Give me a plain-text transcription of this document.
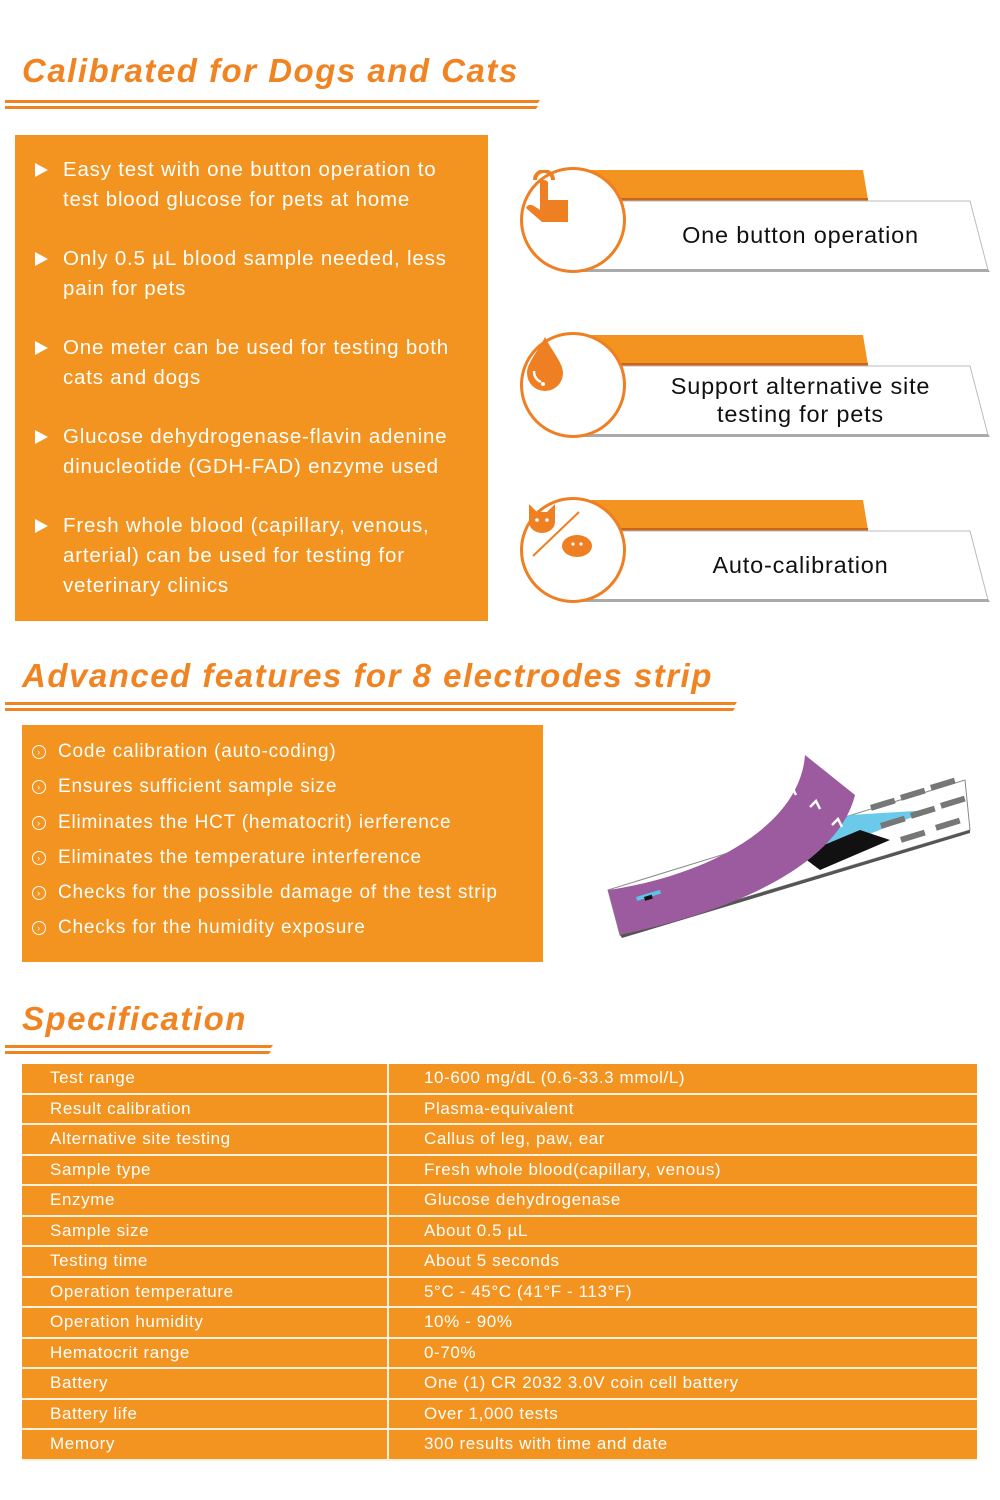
Calibrated for Dogs and Cats
Easy test with one button operation to
test blood glucose for pets at home
Only 0.5 µL blood sample needed, less
pain for pets
One meter can be used for testing both
cats and dogs
Glucose dehydrogenase-flavin adenine
dinucleotide (GDH-FAD) enzyme used
Fresh whole blood (capillary, venous,
arterial) can be used for testing for
veterinary clinics
One button operation
Support alternative site
testing for pets
Auto-calibration
Advanced features for 8 electrodes strip
› Code calibration (auto-coding)
› Ensures sufficient sample size
› Eliminates the HCT (hematocrit) ierference
› Eliminates the temperature interference
› Checks for the possible damage of the test strip
› Checks for the humidity exposure
Specification
Test range	10-600 mg/dL (0.6-33.3 mmol/L)
Result calibration	Plasma-equivalent
Alternative site testing	Callus of leg, paw, ear
Sample type	Fresh whole blood(capillary, venous)
Enzyme	Glucose dehydrogenase
Sample size	About 0.5 µL
Testing time	About 5 seconds
Operation temperature	5°C - 45°C (41°F - 113°F)
Operation humidity	10% - 90%
Hematocrit range	0-70%
Battery	One (1) CR 2032 3.0V coin cell battery
Battery life	Over 1,000 tests
Memory	300 results with time and date
